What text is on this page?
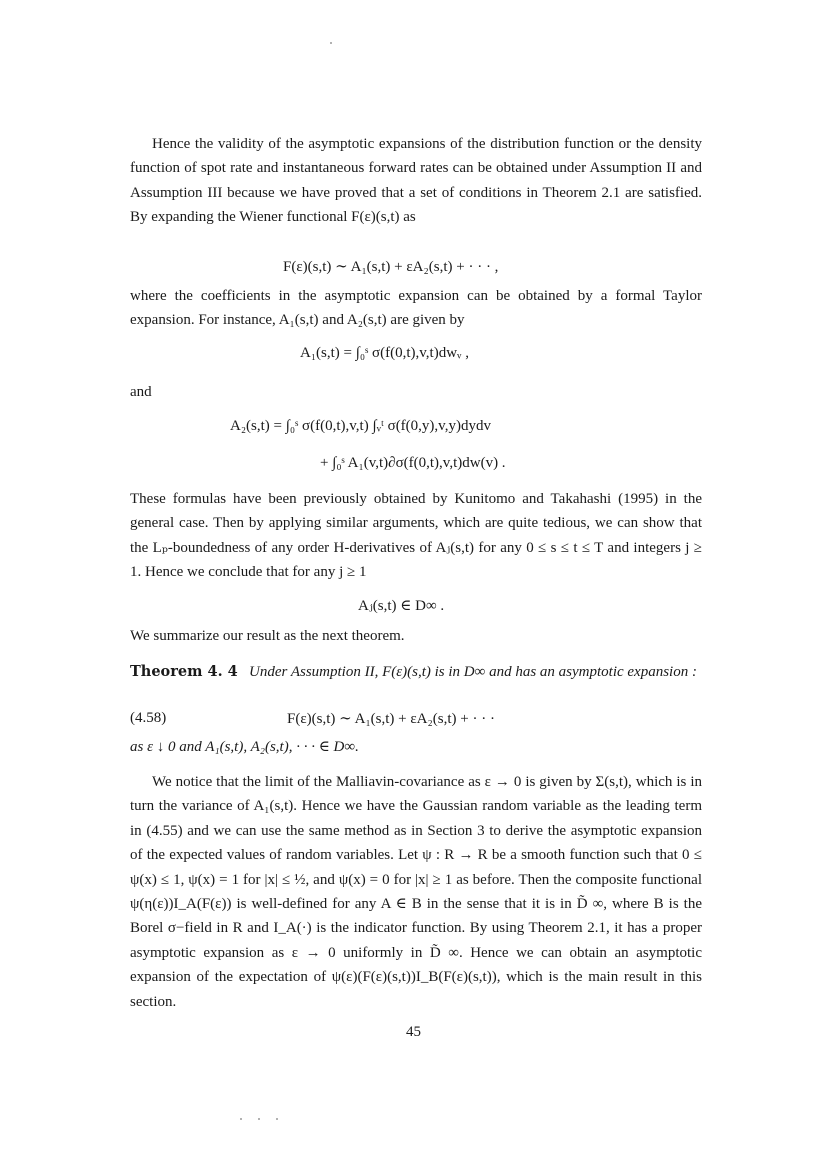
Hence the validity of the asymptotic expansions of the distribution function or the density function of spot rate and instantaneous forward rates can be obtained under Assumption II and Assumption III because we have proved that a set of conditions in Theorem 2.1 are satisfied. By expanding the Wiener functional F(ε)(s,t) as
F(ε)(s,t) ∼ A₁(s,t) + εA₂(s,t) + · · · ,
where the coefficients in the asymptotic expansion can be obtained by a formal Taylor expansion. For instance, A₁(s,t) and A₂(s,t) are given by
A₁(s,t) = ∫₀ˢ σ(f(0,t),v,t)dwᵥ ,
and
A₂(s,t) = ∫₀ˢ σ(f(0,t),v,t) ∫ᵥᵗ σ(f(0,y),v,y)dydv
+ ∫₀ˢ A₁(v,t)∂σ(f(0,t),v,t)dw(v) .
These formulas have been previously obtained by Kunitomo and Takahashi (1995) in the general case. Then by applying similar arguments, which are quite tedious, we can show that the Lₚ-boundedness of any order H-derivatives of Aⱼ(s,t) for any 0 ≤ s ≤ t ≤ T and integers j ≥ 1. Hence we conclude that for any j ≥ 1
Aⱼ(s,t) ∈ D∞ .
We summarize our result as the next theorem.
Theorem 4. 4 Under Assumption II, F(ε)(s,t) is in D∞ and has an asymptotic expansion :
(4.58)	F(ε)(s,t) ∼ A₁(s,t) + εA₂(s,t) + · · ·
as ε ↓ 0 and A₁(s,t), A₂(s,t), · · · ∈ D∞.
We notice that the limit of the Malliavin-covariance as ε → 0 is given by Σ(s,t), which is in turn the variance of A₁(s,t). Hence we have the Gaussian random variable as the leading term in (4.55) and we can use the same method as in Section 3 to derive the asymptotic expansion of the expected values of random variables. Let ψ : R → R be a smooth function such that 0 ≤ ψ(x) ≤ 1, ψ(x) = 1 for |x| ≤ ½, and ψ(x) = 0 for |x| ≥ 1 as before. Then the composite functional ψ(η(ε))I_A(F(ε)) is well-defined for any A ∈ B in the sense that it is in D̃ ∞, where B is the Borel σ−field in R and I_A(·) is the indicator function. By using Theorem 2.1, it has a proper asymptotic expansion as ε → 0 uniformly in D̃ ∞. Hence we can obtain an asymptotic expansion of the expectation of ψ(ε)(F(ε)(s,t))I_B(F(ε)(s,t)), which is the main result in this section.
45
